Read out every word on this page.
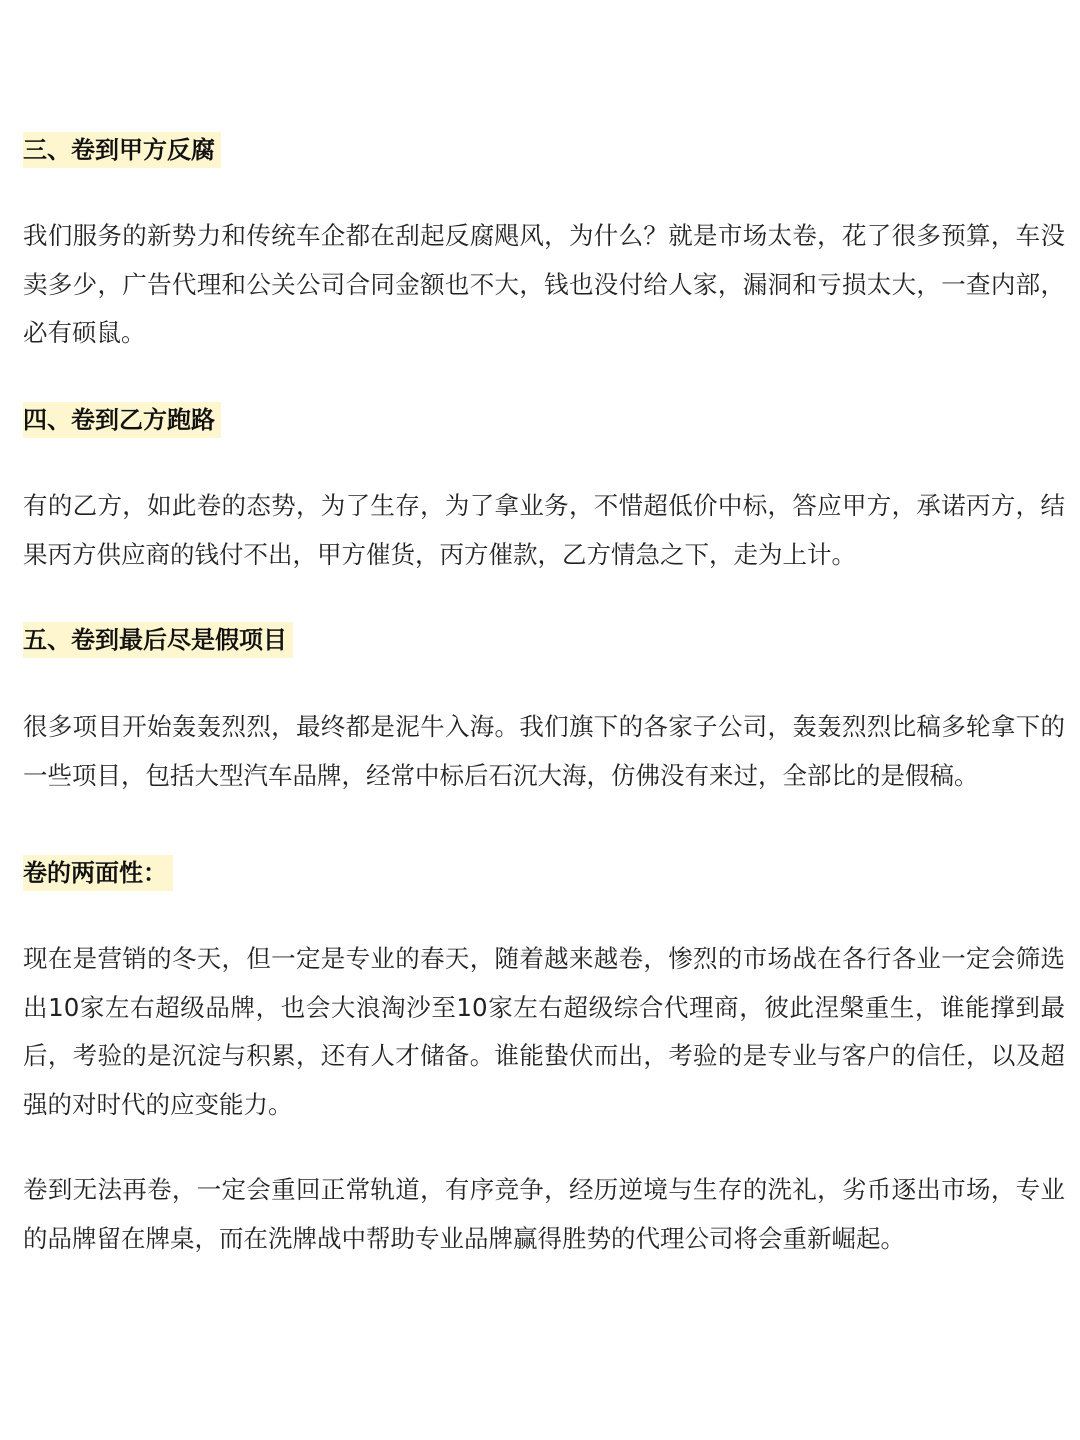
三、卷到甲方反腐

我们服务的新势力和传统车企都在刮起反腐飓风，为什么？就是市场太卷，花了很多预算，车没卖多少，广告代理和公关公司合同金额也不大，钱也没付给人家，漏洞和亏损太大，一查内部，必有硕鼠。

四、卷到乙方跑路

有的乙方，如此卷的态势，为了生存，为了拿业务，不惜超低价中标，答应甲方，承诺丙方，结果丙方供应商的钱付不出，甲方催货，丙方催款，乙方情急之下，走为上计。

五、卷到最后尽是假项目

很多项目开始轰轰烈烈，最终都是泥牛入海。我们旗下的各家子公司，轰轰烈烈比稿多轮拿下的一些项目，包括大型汽车品牌，经常中标后石沉大海，仿佛没有来过，全部比的是假稿。

卷的两面性：

现在是营销的冬天，但一定是专业的春天，随着越来越卷，惨烈的市场战在各行各业一定会筛选出10家左右超级品牌，也会大浪淘沙至10家左右超级综合代理商，彼此涅槃重生，谁能撑到最后，考验的是沉淀与积累，还有人才储备。谁能蛰伏而出，考验的是专业与客户的信任，以及超强的对时代的应变能力。

卷到无法再卷，一定会重回正常轨道，有序竞争，经历逆境与生存的洗礼，劣币逐出市场，专业的品牌留在牌桌，而在洗牌战中帮助专业品牌赢得胜势的代理公司将会重新崛起。
